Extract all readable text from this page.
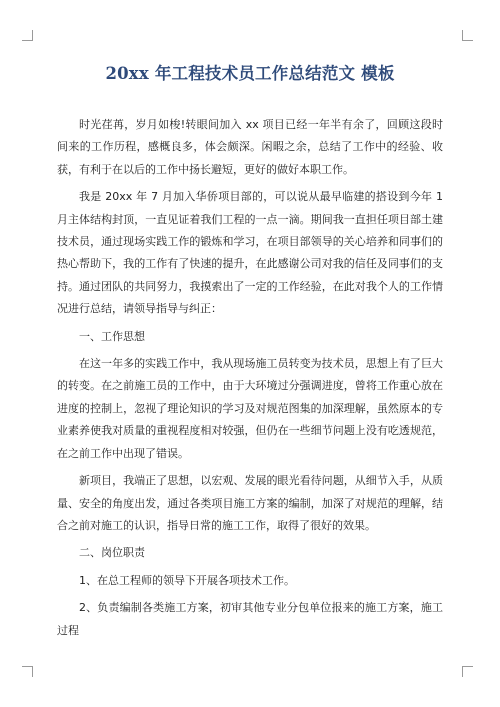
20xx 年工程技术员工作总结范文 模板

时光荏苒，岁月如梭!转眼间加入 xx 项目已经一年半有余了，回顾这段时间来的工作历程，感概良多，体会颇深。闲暇之余，总结了工作中的经验、收获，有利于在以后的工作中扬长避短，更好的做好本职工作。

我是 20xx 年 7 月加入华侨项目部的，可以说从最早临建的搭设到今年 1 月主体结构封顶，一直见证着我们工程的一点一滴。期间我一直担任项目部土建技术员，通过现场实践工作的锻炼和学习，在项目部领导的关心培养和同事们的热心帮助下，我的工作有了快速的提升，在此感谢公司对我的信任及同事们的支持。通过团队的共同努力，我摸索出了一定的工作经验，在此对我个人的工作情况进行总结，请领导指导与纠正：

一、工作思想

在这一年多的实践工作中，我从现场施工员转变为技术员，思想上有了巨大的转变。在之前施工员的工作中，由于大环境过分强调进度，曾将工作重心放在进度的控制上，忽视了理论知识的学习及对规范图集的加深理解，虽然原本的专业素养使我对质量的重视程度相对较强，但仍在一些细节问题上没有吃透规范，在之前工作中出现了错误。

新项目，我端正了思想，以宏观、发展的眼光看待问题，从细节入手，从质量、安全的角度出发，通过各类项目施工方案的编制，加深了对规范的理解，结合之前对施工的认识，指导日常的施工工作，取得了很好的效果。

二、岗位职责

1、在总工程师的领导下开展各项技术工作。

2、负责编制各类施工方案，初审其他专业分包单位报来的施工方案，施工过程
